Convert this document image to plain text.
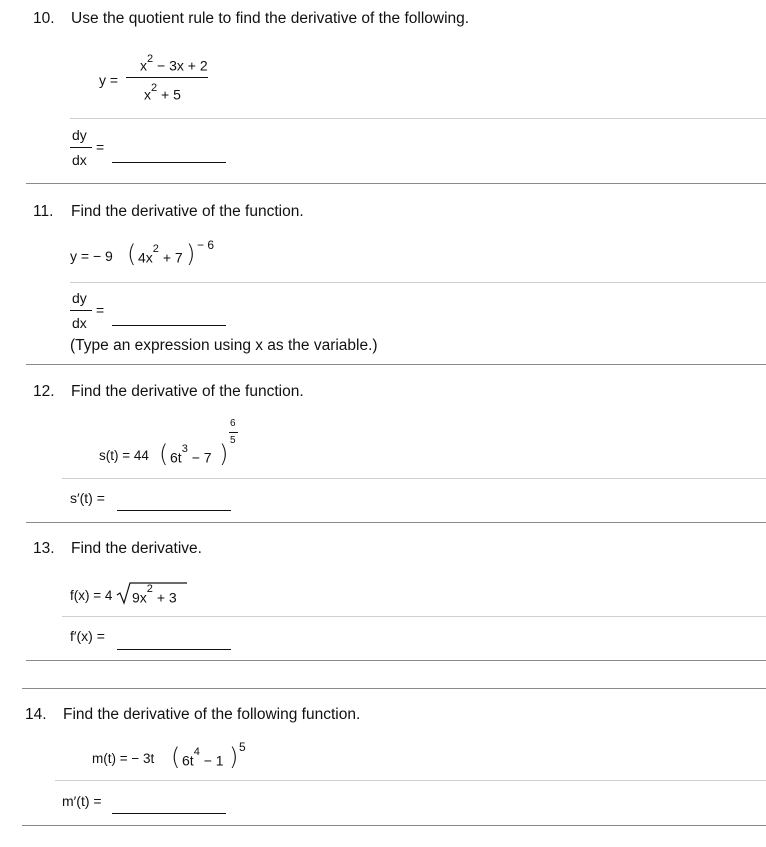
10. Use the quotient rule to find the derivative of the following.
y =
$x^2 - 3x + 2$
$x^2 + 5$
dy
dx
=
11. Find the derivative of the function.
y = − 9 ( $4x^2 + 7$ ) − 6
dy
dx
=
(Type an expression using x as the variable.)
12. Find the derivative of the function.
s(t) = 44 ( $6t^3 - 7$ )
6
5
s′(t) =
13. Find the derivative.
f(x) = 4 $9x^2 + 3$
f′(x) =
14. Find the derivative of the following function.
m(t) = − 3t ( $6t^4 - 1$ ) 5
m′(t) =
